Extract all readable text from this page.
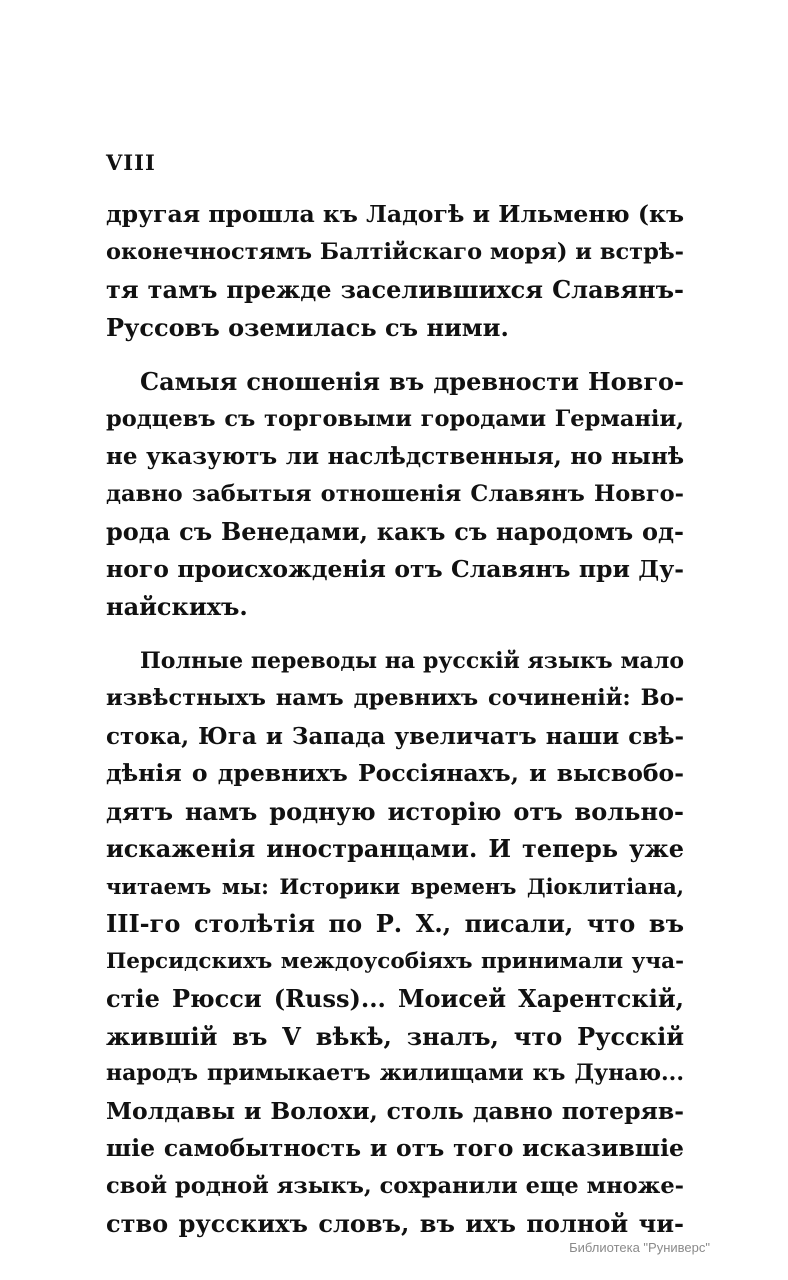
VIII

другая прошла къ Ладогѣ и Ильменю (къ
оконечностямъ Балтійскаго моря) и встрѣ-
тя тамъ прежде заселившихся Славянъ-
Руссовъ оземилась съ ними.

Самыя сношенія въ древности Новго-
родцевъ съ торговыми городами Германіи,
не указуютъ ли наслѣдственныя, но нынѣ
давно забытыя отношенія Славянъ Новго-
рода съ Венедами, какъ съ народомъ од-
ного происхожденія отъ Славянъ при Ду-
найскихъ.

Полные переводы на русскій языкъ мало
извѣстныхъ намъ древнихъ сочиненій: Во-
стока, Юга и Запада увеличатъ наши свѣ-
дѣнія о древнихъ Россіянахъ, и высвобо-
дятъ намъ родную исторію отъ вольно-
искаженія иностранцами. И теперь уже
читаемъ мы: Историки временъ Діоклитіана,
III-го столѣтія по Р. Х., писали, что въ
Персидскихъ междоусобіяхъ принимали уча-
стіе Рюсси (Russ)... Моисей Харентскій,
жившій въ V вѣкѣ, зналъ, что Русскій
народъ примыкаетъ жилищами къ Дунаю...
Молдавы и Волохи, столь давно потеряв-
шіе самобытность и отъ того исказившіе
свой родной языкъ, сохранили еще множе-
ство русскихъ словъ, въ ихъ полной чи-

Библиотека "Руниверс"
